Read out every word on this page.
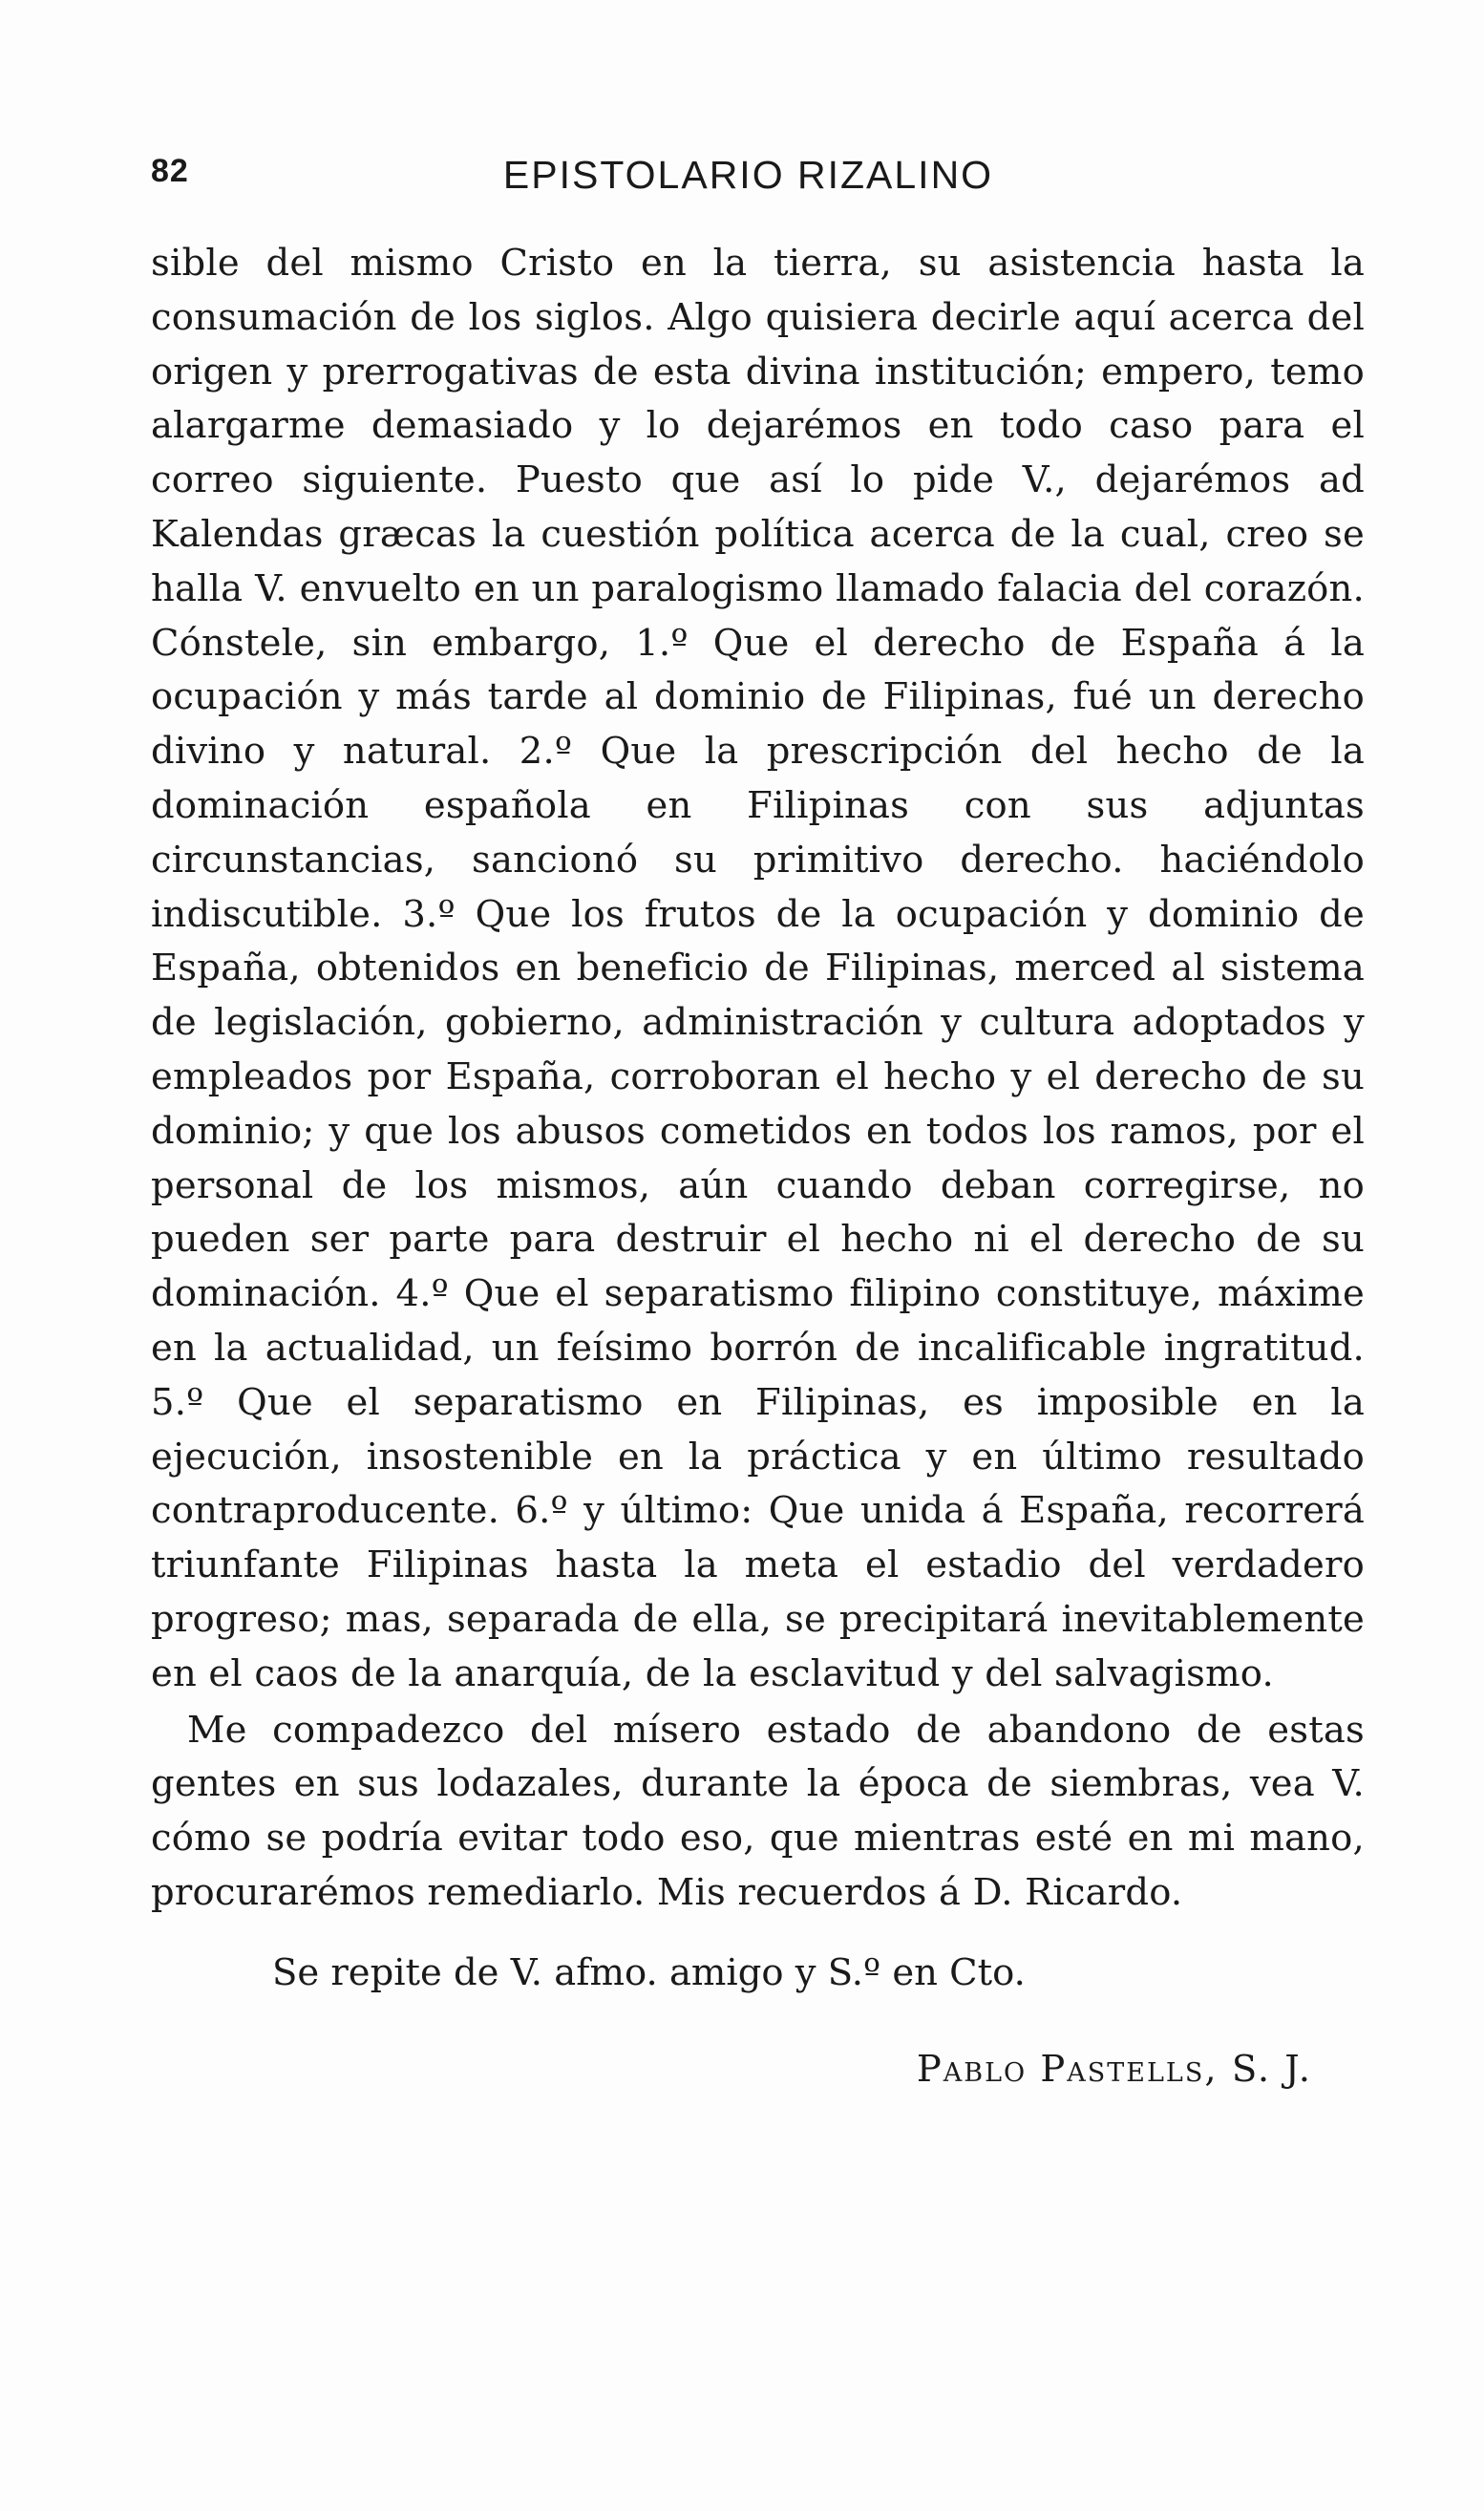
82	EPISTOLARIO RIZALINO

sible del mismo Cristo en la tierra, su asistencia hasta la consumación de los siglos. Algo quisiera decirle aquí acerca del origen y prerrogativas de esta divina institución; empero, temo alargarme demasiado y lo dejarémos en todo caso para el correo siguiente. Puesto que así lo pide V., dejarémos ad Kalendas græcas la cuestión política acerca de la cual, creo se halla V. envuelto en un paralogismo llamado falacia del corazón. Cónstele, sin embargo, 1.º Que el derecho de España á la ocupación y más tarde al dominio de Filipinas, fué un derecho divino y natural. 2.º Que la prescripción del hecho de la dominación española en Filipinas con sus adjuntas circunstancias, sancionó su primitivo derecho. haciéndolo indiscutible. 3.º Que los frutos de la ocupación y dominio de España, obtenidos en beneficio de Filipinas, merced al sistema de legislación, gobierno, administración y cultura adoptados y empleados por España, corroboran el hecho y el derecho de su dominio; y que los abusos cometidos en todos los ramos, por el personal de los mismos, aún cuando deban corregirse, no pueden ser parte para destruir el hecho ni el derecho de su dominación. 4.º Que el separatismo filipino constituye, máxime en la actualidad, un feísimo borrón de incalificable ingratitud. 5.º Que el separatismo en Filipinas, es imposible en la ejecución, insostenible en la práctica y en último resultado contraproducente. 6.º y último: Que unida á España, recorrerá triunfante Filipinas hasta la meta el estadio del verdadero progreso; mas, separada de ella, se precipitará inevitablemente en el caos de la anarquía, de la esclavitud y del salvagismo.

Me compadezco del mísero estado de abandono de estas gentes en sus lodazales, durante la época de siembras, vea V. cómo se podría evitar todo eso, que mientras esté en mi mano, procurarémos remediarlo. Mis recuerdos á D. Ricardo.

Se repite de V. afmo. amigo y S.º en Cto.
Pablo Pastells, S. J.
